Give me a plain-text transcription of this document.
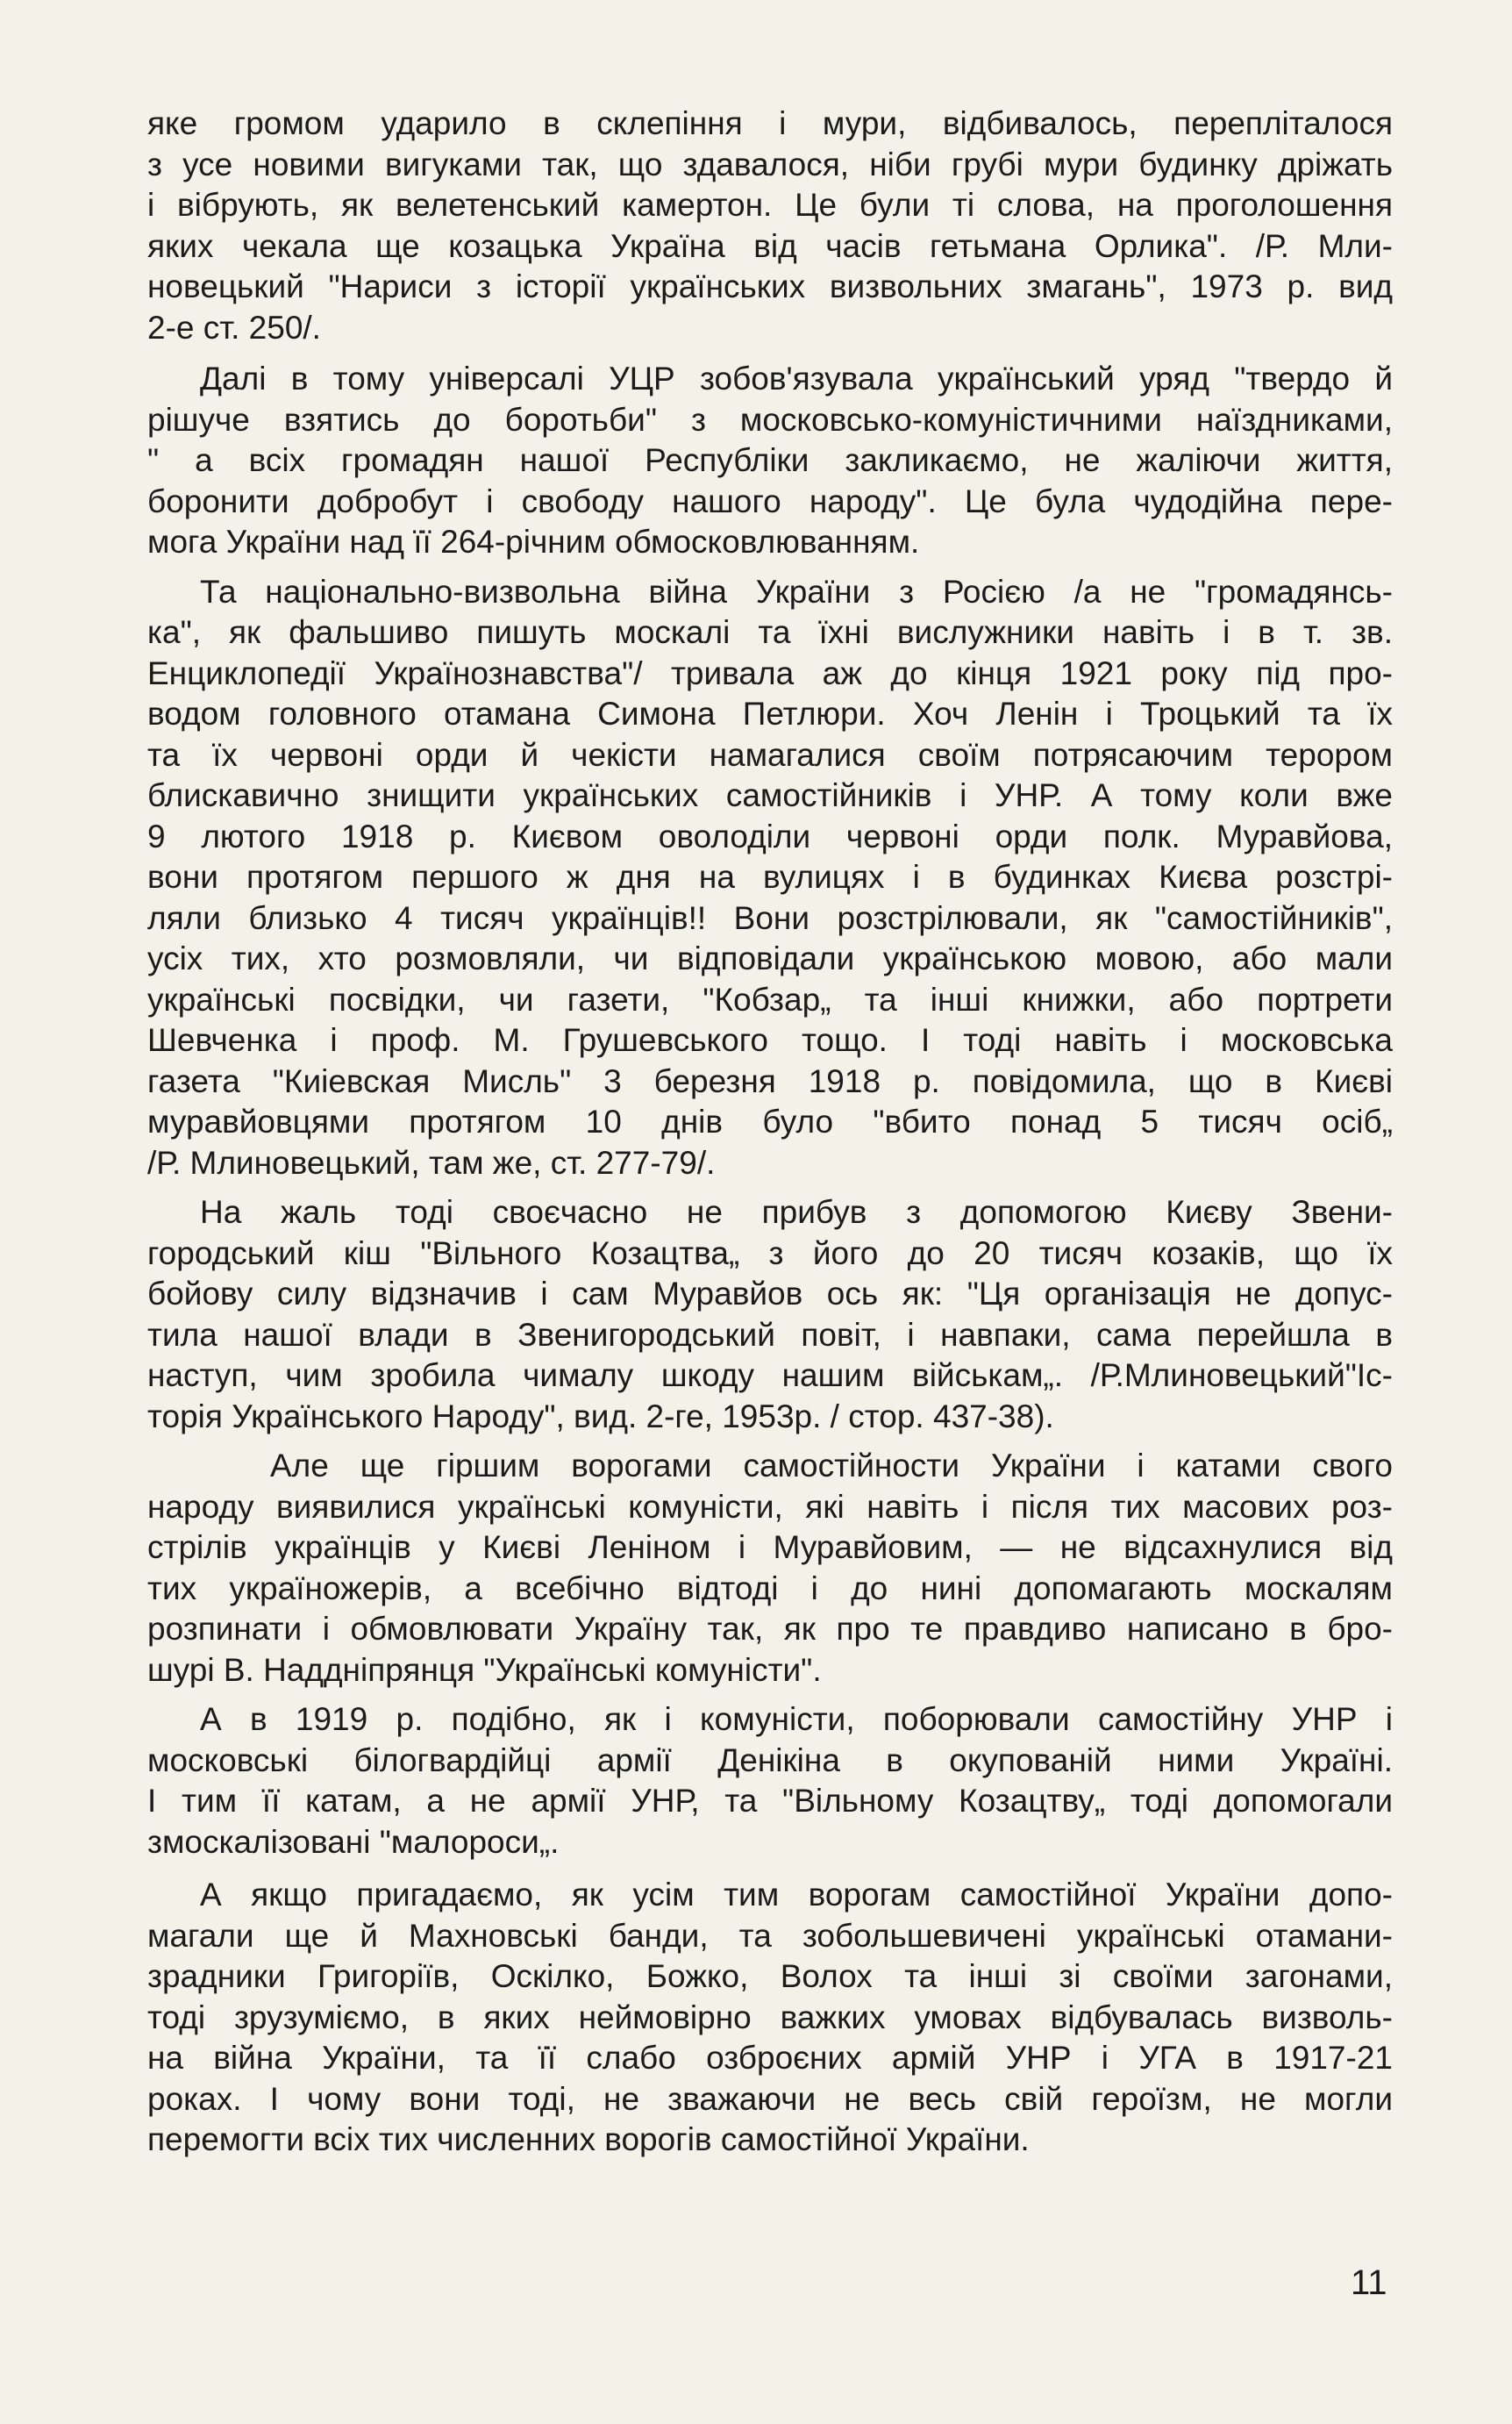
яке громом ударило в склепіння і мури, відбивалось, перепліталося
з усе новими вигуками так, що здавалося, ніби грубі мури будинку дріжать
і вібрують, як велетенський камертон. Це були ті слова, на проголошення
яких чекала ще козацька Україна від часів гетьмана Орлика". /Р. Мли-
новецький "Нариси з історії українських визвольних змагань", 1973 р. вид
2-е ст. 250/.
Далі в тому універсалі УЦР зобов'язувала український уряд "твердо й
рішуче взятись до боротьби" з московсько-комуністичними наїздниками,
" а всіх громадян нашої Республіки закликаємо, не жаліючи життя,
боронити добробут і свободу нашого народу". Це була чудодійна пере-
мога України над її 264-річним обмосковлюванням.
Та національно-визвольна війна України з Росією /а не "громадянсь-
ка", як фальшиво пишуть москалі та їхні вислужники навіть і в т. зв.
Енциклопедії Українознавства"/ тривала аж до кінця 1921 року під про-
водом головного отамана Симона Петлюри. Хоч Ленін і Троцький та їх
та їх червоні орди й чекісти намагалися своїм потрясаючим терором
блискавично знищити українських самостійників і УНР. А тому коли вже
9 лютого 1918 р. Києвом оволоділи червоні орди полк. Муравйова,
вони протягом першого ж дня на вулицях і в будинках Києва розстрі-
ляли близько 4 тисяч українців!! Вони розстрілювали, як "самостійників",
усіх тих, хто розмовляли, чи відповідали українською мовою, або мали
українські посвідки, чи газети, "Кобзар„ та інші книжки, або портрети
Шевченка і проф. М. Грушевського тощо. І тоді навіть і московська
газета "Киіевская Мисль" 3 березня 1918 р. повідомила, що в Києві
муравйовцями протягом 10 днів було "вбито понад 5 тисяч осіб„
/Р. Млиновецький, там же, ст. 277-79/.
На жаль тоді своєчасно не прибув з допомогою Києву Звени-
городський кіш "Вільного Козацтва„ з його до 20 тисяч козаків, що їх
бойову силу відзначив і сам Муравйов ось як: "Ця організація не допус-
тила нашої влади в Звенигородський повіт, і навпаки, сама перейшла в
наступ, чим зробила чималу шкоду нашим військам„. /Р.Млиновецький"Іс-
торія Українського Народу", вид. 2-ге, 1953р. / стор. 437-38).
Але ще гіршим ворогами самостійности України і катами свого
народу виявилися українські комуністи, які навіть і після тих масових роз-
стрілів українців у Києві Леніном і Муравйовим, — не відсахнулися від
тих україножерів, а всебічно відтоді і до нині допомагають москалям
розпинати і обмовлювати Україну так, як про те правдиво написано в бро-
шурі В. Наддніпрянця "Українські комуністи".
А в 1919 р. подібно, як і комуністи, поборювали самостійну УНР і
московські білогвардійці армії Денікіна в окупованій ними Україні.
І тим її катам, а не армії УНР, та "Вільному Козацтву„ тоді допомогали
змоскалізовані "малороси„.
А якщо пригадаємо, як усім тим ворогам самостійної України допо-
магали ще й Махновські банди, та зобольшевичені українські отамани-
зрадники Григоріїв, Оскілко, Божко, Волох та інші зі своїми загонами,
тоді зрузуміємо, в яких неймовірно важких умовах відбувалась визволь-
на війна України, та її слабо озброєних армій УНР і УГА в 1917-21
роках. І чому вони тоді, не зважаючи не весь свій героїзм, не могли
перемогти всіх тих численних ворогів самостійної України.
11
